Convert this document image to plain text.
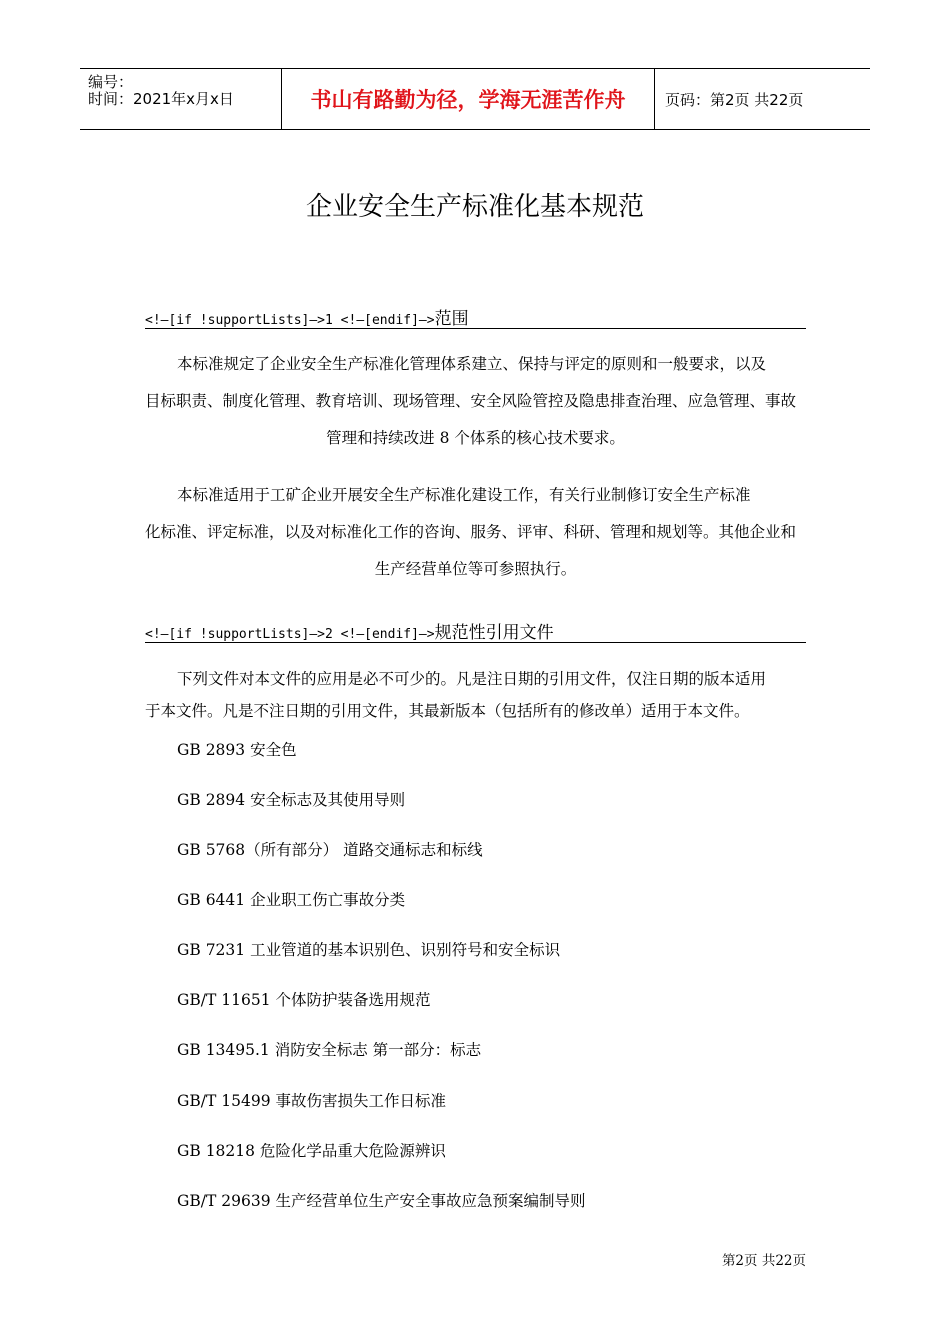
编号：
时间：2021年x月x日	书山有路勤为径，学海无涯苦作舟	页码：第2页 共22页
企业安全生产标准化基本规范
<!—[if !supportLists]—>1 <!—[endif]—>范围
本标准规定了企业安全生产标准化管理体系建立、保持与评定的原则和一般要求，以及
目标职责、制度化管理、教育培训、现场管理、安全风险管控及隐患排查治理、应急管理、事故
管理和持续改进 8 个体系的核心技术要求。
本标准适用于工矿企业开展安全生产标准化建设工作，有关行业制修订安全生产标准
化标准、评定标准，以及对标准化工作的咨询、服务、评审、科研、管理和规划等。其他企业和
生产经营单位等可参照执行。
<!—[if !supportLists]—>2 <!—[endif]—>规范性引用文件
下列文件对本文件的应用是必不可少的。凡是注日期的引用文件，仅注日期的版本适用
于本文件。凡是不注日期的引用文件，其最新版本（包括所有的修改单）适用于本文件。
GB 2893 安全色
GB 2894 安全标志及其使用导则
GB 5768（所有部分） 道路交通标志和标线
GB 6441 企业职工伤亡事故分类
GB 7231 工业管道的基本识别色、识别符号和安全标识
GB/T 11651 个体防护装备选用规范
GB 13495.1 消防安全标志 第一部分：标志
GB/T 15499 事故伤害损失工作日标准
GB 18218 危险化学品重大危险源辨识
GB/T 29639 生产经营单位生产安全事故应急预案编制导则
第2页 共22页
